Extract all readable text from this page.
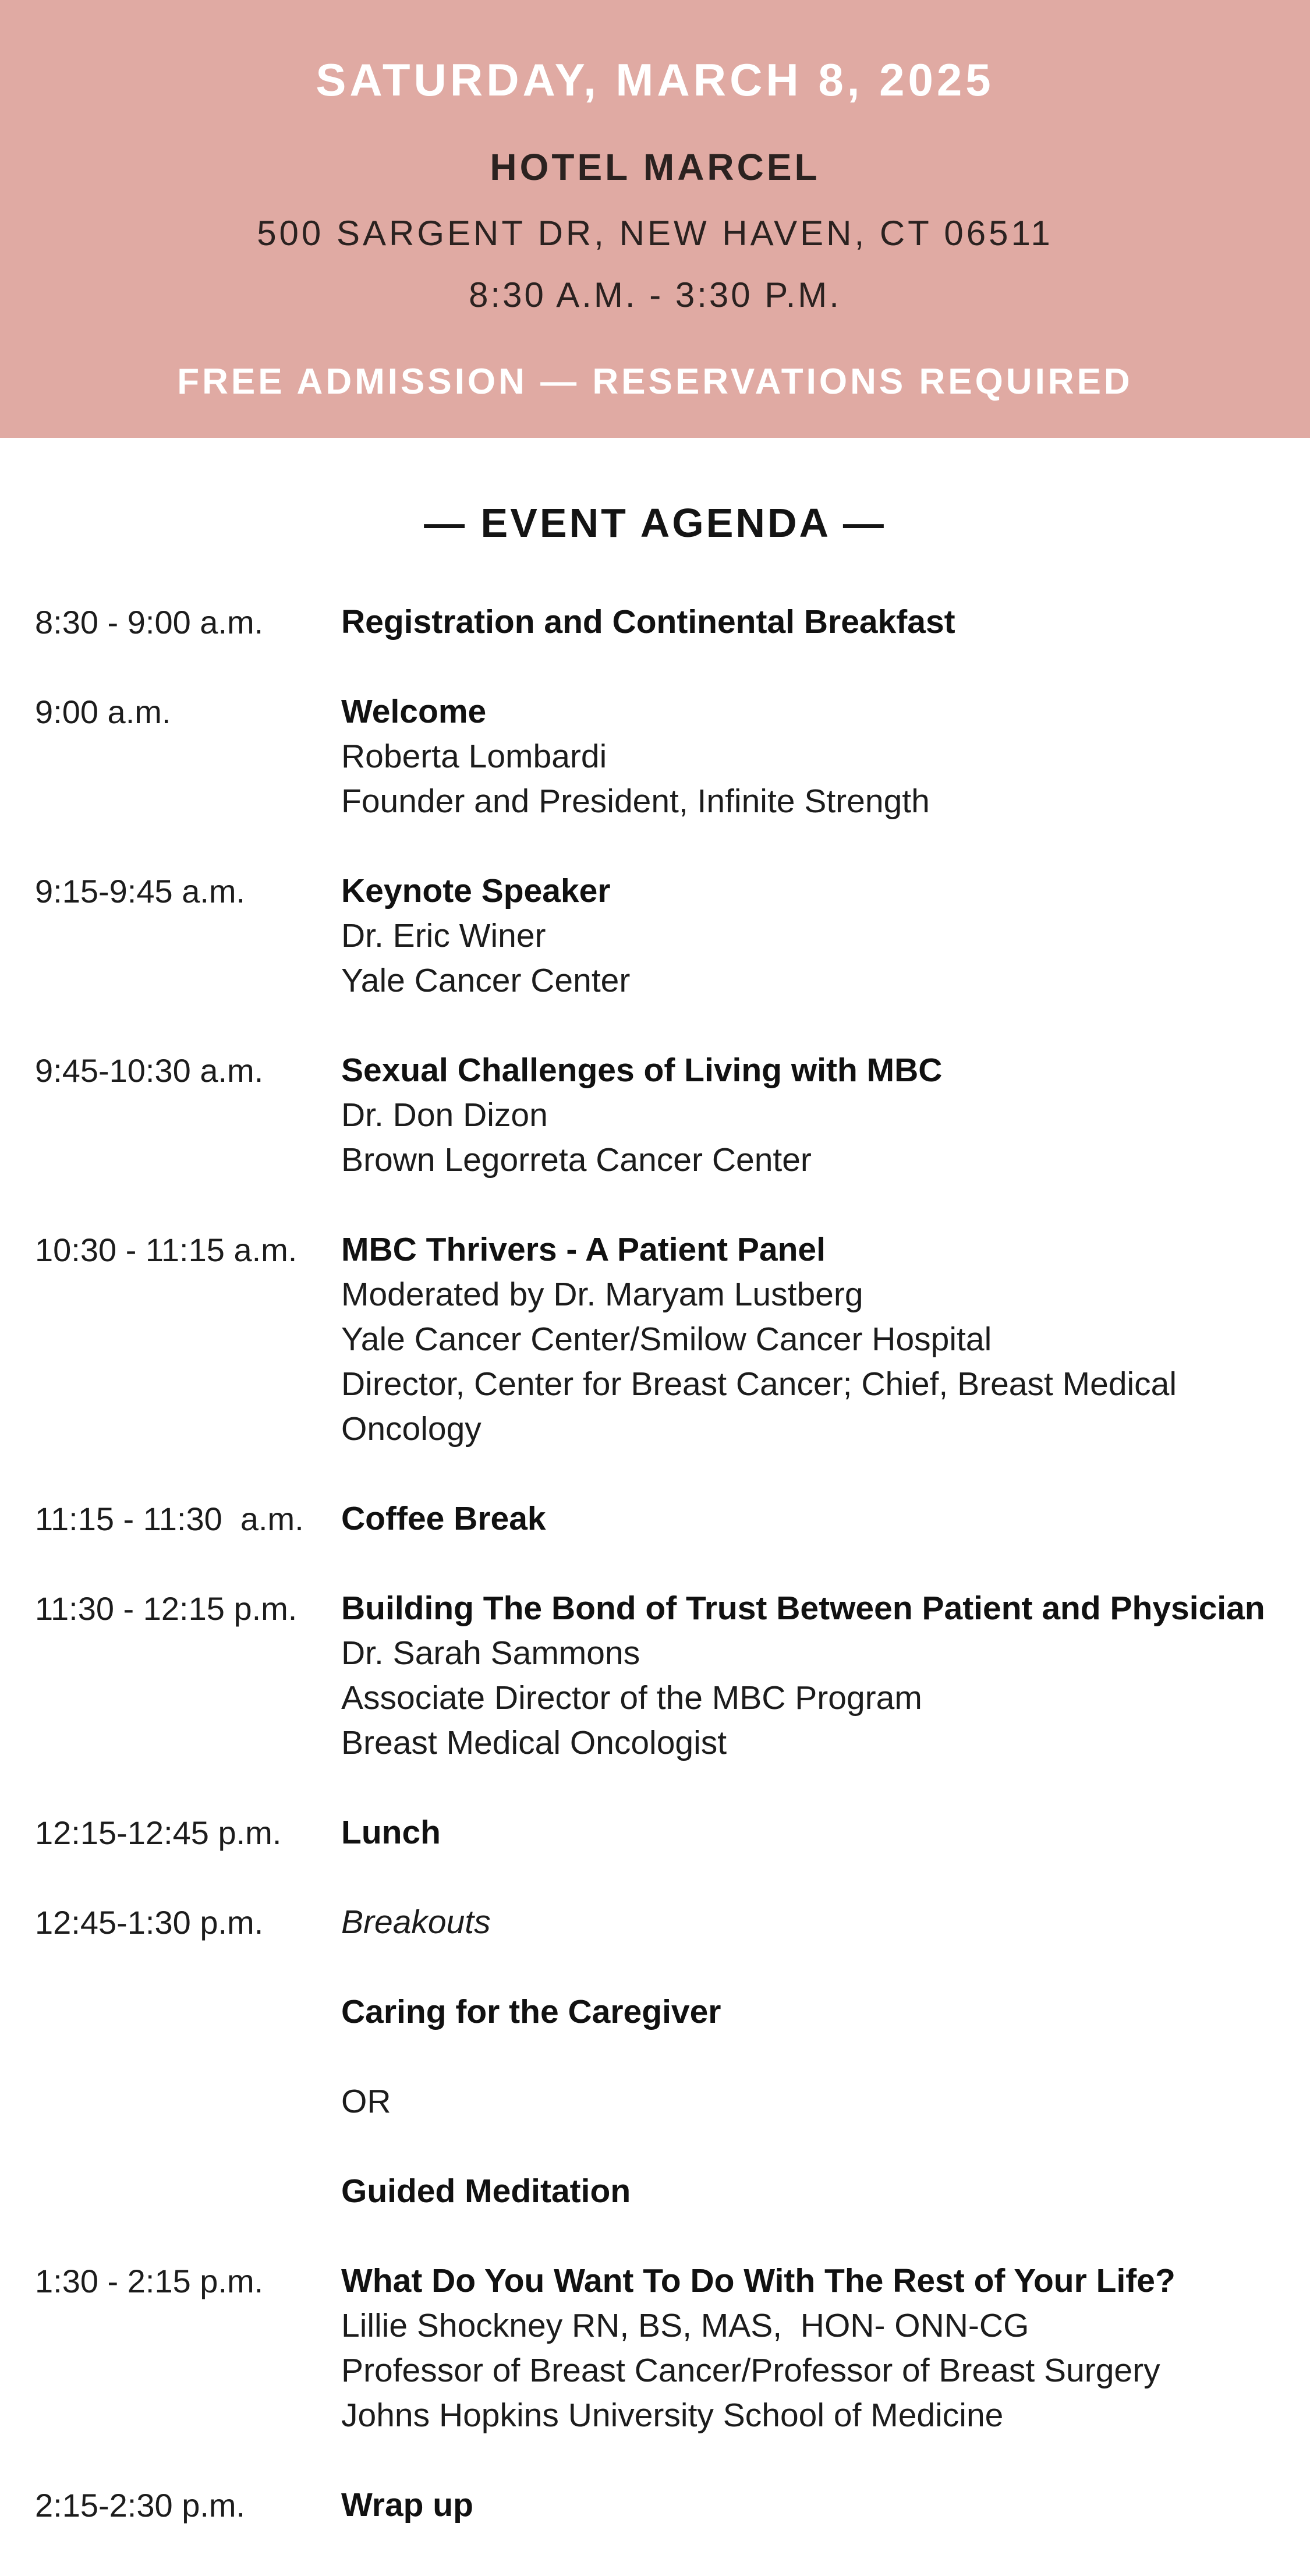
SATURDAY, MARCH 8, 2025
HOTEL MARCEL
500 SARGENT DR, NEW HAVEN, CT 06511
8:30 A.M. - 3:30 P.M.
FREE ADMISSION — RESERVATIONS REQUIRED
— EVENT AGENDA —
8:30 - 9:00 a.m.	Registration and Continental Breakfast
9:00 a.m.	Welcome
Roberta Lombardi
Founder and President, Infinite Strength
9:15-9:45 a.m.	Keynote Speaker
Dr. Eric Winer
Yale Cancer Center
9:45-10:30 a.m.	Sexual Challenges of Living with MBC
Dr. Don Dizon
Brown Legorreta Cancer Center
10:30 - 11:15 a.m.	MBC Thrivers - A Patient Panel
Moderated by Dr. Maryam Lustberg
Yale Cancer Center/Smilow Cancer Hospital
Director, Center for Breast Cancer; Chief, Breast Medical
Oncology
11:15 - 11:30  a.m.	Coffee Break
11:30 - 12:15 p.m.	Building The Bond of Trust Between Patient and Physician
Dr. Sarah Sammons
Associate Director of the MBC Program
Breast Medical Oncologist
12:15-12:45 p.m.	Lunch
12:45-1:30 p.m.	Breakouts
Caring for the Caregiver
OR
Guided Meditation
1:30 - 2:15 p.m.	What Do You Want To Do With The Rest of Your Life?
Lillie Shockney RN, BS, MAS,  HON- ONN-CG
Professor of Breast Cancer/Professor of Breast Surgery
Johns Hopkins University School of Medicine
2:15-2:30 p.m.	Wrap up
